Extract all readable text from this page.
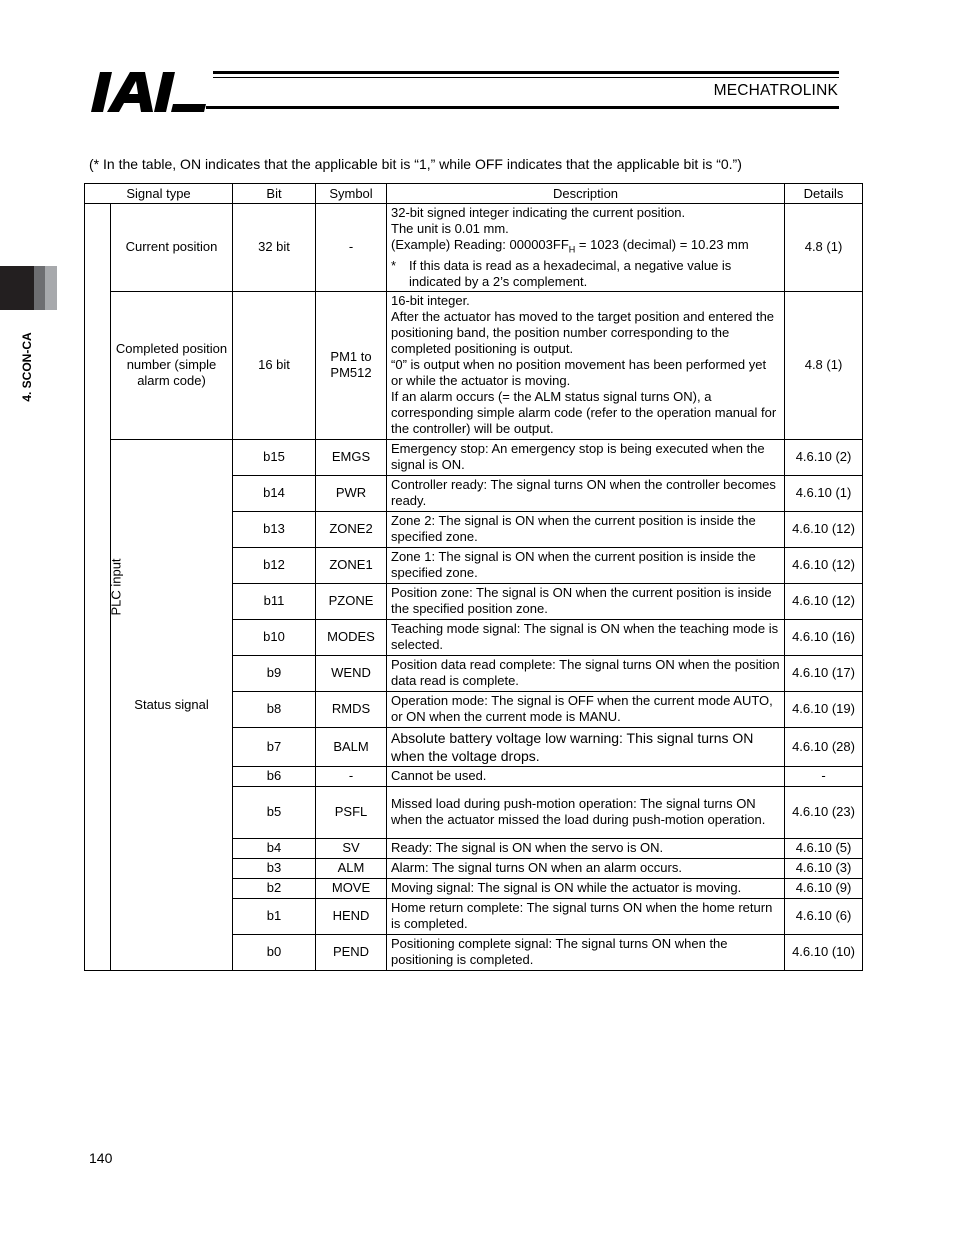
MECHATROLINK
4. SCON-CA
(* In the table, ON indicates that the applicable bit is “1,” while OFF indicates that the applicable bit is “0.”)
Signal type		Bit	Symbol	Description	Details
PLC input	Current position	32 bit	-	32-bit signed integer indicating the current position.
The unit is 0.01 mm.
(Example) Reading: $000003FF_H = 1023$ (decimal) = 10.23 mm
* If this data is read as a hexadecimal, a negative value is indicated by a 2’s complement.	4.8 (1)
	Completed position number (simple alarm code)	16 bit	PM1 to PM512	16-bit integer.
After the actuator has moved to the target position and entered the positioning band, the position number corresponding to the completed positioning is output.
“0” is output when no position movement has been performed yet or while the actuator is moving.
If an alarm occurs (= the ALM status signal turns ON), a corresponding simple alarm code (refer to the operation manual for the controller) will be output.	4.8 (1)
	Status signal	b15	EMGS	Emergency stop: An emergency stop is being executed when the signal is ON.	4.6.10 (2)
		b14	PWR	Controller ready: The signal turns ON when the controller becomes ready.	4.6.10 (1)
		b13	ZONE2	Zone 2: The signal is ON when the current position is inside the specified zone.	4.6.10 (12)
		b12	ZONE1	Zone 1: The signal is ON when the current position is inside the specified zone.	4.6.10 (12)
		b11	PZONE	Position zone: The signal is ON when the current position is inside the specified position zone.	4.6.10 (12)
		b10	MODES	Teaching mode signal: The signal is ON when the teaching mode is selected.	4.6.10 (16)
		b9	WEND	Position data read complete: The signal turns ON when the position data read is complete.	4.6.10 (17)
		b8	RMDS	Operation mode: The signal is OFF when the current mode AUTO, or ON when the current mode is MANU.	4.6.10 (19)
		b7	BALM	Absolute battery voltage low warning: This signal turns ON when the voltage drops.	4.6.10 (28)
		b6	-	Cannot be used.	-
		b5	PSFL	Missed load during push-motion operation: The signal turns ON when the actuator missed the load during push-motion operation.	4.6.10 (23)
		b4	SV	Ready: The signal is ON when the servo is ON.	4.6.10 (5)
		b3	ALM	Alarm: The signal turns ON when an alarm occurs.	4.6.10 (3)
		b2	MOVE	Moving signal: The signal is ON while the actuator is moving.	4.6.10 (9)
		b1	HEND	Home return complete: The signal turns ON when the home return is completed.	4.6.10 (6)
		b0	PEND	Positioning complete signal: The signal turns ON when the positioning is completed.	4.6.10 (10)
140
